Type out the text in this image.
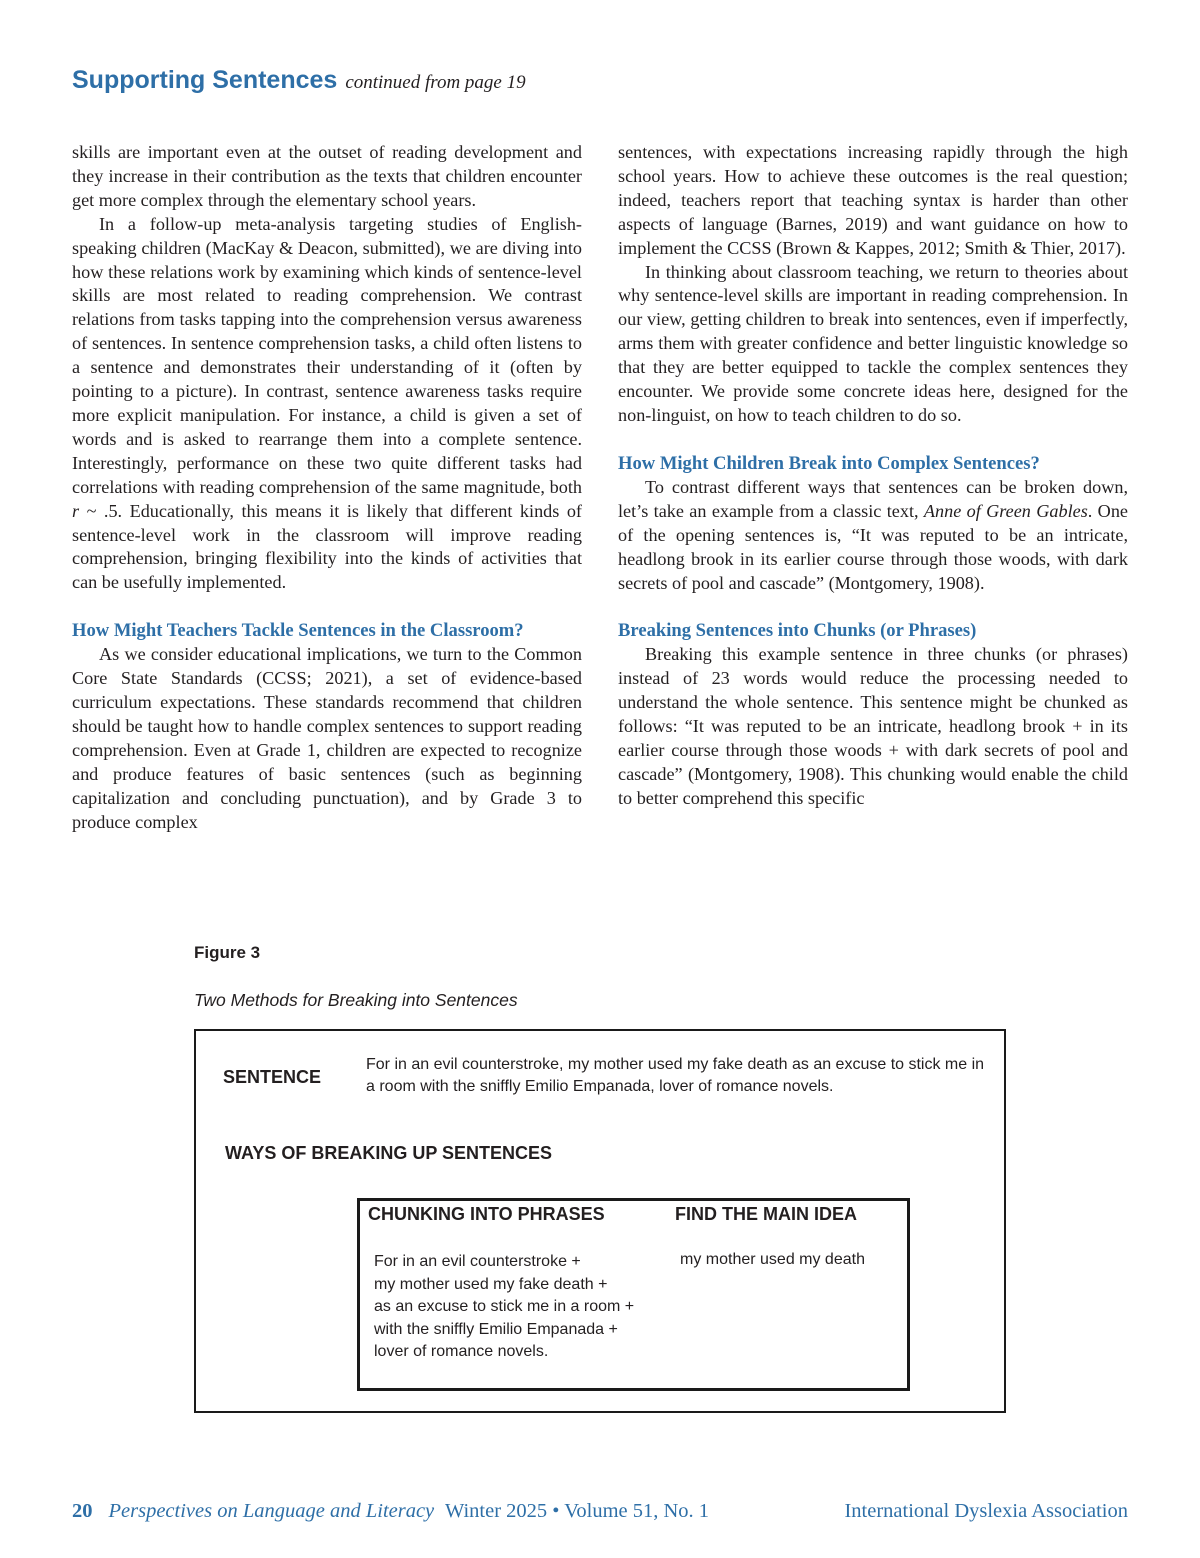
Supporting Sentences continued from page 19

skills are important even at the outset of reading development and they increase in their contribution as the texts that children encounter get more complex through the elementary school years.

In a follow-up meta-analysis targeting studies of English-speaking children (MacKay & Deacon, submitted), we are diving into how these relations work by examining which kinds of sentence-level skills are most related to reading comprehension. We contrast relations from tasks tapping into the comprehension versus awareness of sentences. In sentence comprehension tasks, a child often listens to a sentence and demonstrates their understanding of it (often by pointing to a picture). In contrast, sentence awareness tasks require more explicit manipulation. For instance, a child is given a set of words and is asked to rearrange them into a complete sentence. Interestingly, performance on these two quite different tasks had correlations with reading comprehension of the same magnitude, both r ~ .5. Educationally, this means it is likely that different kinds of sentence-level work in the classroom will improve reading comprehension, bringing flexibility into the kinds of activities that can be usefully implemented.

How Might Teachers Tackle Sentences in the Classroom?

As we consider educational implications, we turn to the Common Core State Standards (CCSS; 2021), a set of evidence-based curriculum expectations. These standards recommend that children should be taught how to handle complex sentences to support reading comprehension. Even at Grade 1, children are expected to recognize and produce features of basic sentences (such as beginning capitalization and concluding punctuation), and by Grade 3 to produce complex

sentences, with expectations increasing rapidly through the high school years. How to achieve these outcomes is the real question; indeed, teachers report that teaching syntax is harder than other aspects of language (Barnes, 2019) and want guidance on how to implement the CCSS (Brown & Kappes, 2012; Smith & Thier, 2017).

In thinking about classroom teaching, we return to theories about why sentence-level skills are important in reading comprehension. In our view, getting children to break into sentences, even if imperfectly, arms them with greater confidence and better linguistic knowledge so that they are better equipped to tackle the complex sentences they encounter. We provide some concrete ideas here, designed for the non-linguist, on how to teach children to do so.

How Might Children Break into Complex Sentences?

To contrast different ways that sentences can be broken down, let’s take an example from a classic text, Anne of Green Gables. One of the opening sentences is, “It was reputed to be an intricate, headlong brook in its earlier course through those woods, with dark secrets of pool and cascade” (Montgomery, 1908).

Breaking Sentences into Chunks (or Phrases)

Breaking this example sentence in three chunks (or phrases) instead of 23 words would reduce the processing needed to understand the whole sentence. This sentence might be chunked as follows: “It was reputed to be an intricate, headlong brook + in its earlier course through those woods + with dark secrets of pool and cascade” (Montgomery, 1908). This chunking would enable the child to better comprehend this specific

Figure 3
Two Methods for Breaking into Sentences
SENTENCE
For in an evil counterstroke, my mother used my fake death as an excuse to stick me in a room with the sniffly Emilio Empanada, lover of romance novels.
WAYS OF BREAKING UP SENTENCES
CHUNKING INTO PHRASES	FIND THE MAIN IDEA
For in an evil counterstroke +
my mother used my fake death +
as an excuse to stick me in a room +
with the sniffly Emilio Empanada +
lover of romance novels.
my mother used my death
20 Perspectives on Language and Literacy Winter 2025 • Volume 51, No. 1	International Dyslexia Association
